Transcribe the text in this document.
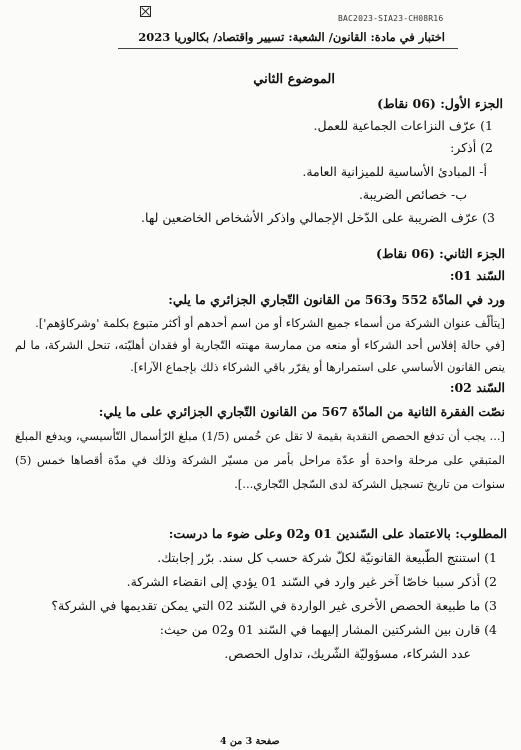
BAC2023-SIA23-CH08R16
اختبار في مادة: القانون/ الشعبة: تسيير واقتصاد/ بكالوريا 2023
الموضوع الثاني
الجزء الأول: (06 نقاط)
1) عرّف النزاعات الجماعية للعمل.
2) أذكر:
أ- المبادئ الأساسية للميزانية العامة.
ب- خصائص الضريبة.
3) عرّف الضريبة على الدّخل الإجمالي واذكر الأشخاص الخاضعين لها.
الجزء الثاني: (06 نقاط)
السّند 01:
ورد في المادّة 552 و563 من القانون التّجاري الجزائري ما يلي:
[يتألّف عنوان الشركة من أسماء جميع الشركاء أو من اسم أحدهم أو أكثر متبوع بكلمة 'وشركاؤهم'].
[في حالة إفلاس أحد الشركاء أو منعه من ممارسة مهنته التّجارية أو فقدان أهليّته، تنحل الشركة، ما لم ينص القانون الأساسي على استمرارها أو يقرّر باقي الشركاء ذلك بإجماع الآراء].
السّند 02:
نصّت الفقرة الثانية من المادّة 567 من القانون التّجاري الجزائري على ما يلي:
[... يجب أن تدفع الحصص النقدية بقيمة لا تقل عن خُمس (1/5) مبلغ الرّأسمال التّأسيسي، ويدفع المبلغ المتبقي على مرحلة واحدة أو عدّة مراحل بأمر من مسيّر الشركة وذلك في مدّة أقصاها خمس (5) سنوات من تاريخ تسجيل الشركة لدى السّجل التّجاري...].
المطلوب: بالاعتماد على السّندين 01 و02 وعلى ضوء ما درست:
1) استنتج الطّبيعة القانونيّة لكلّ شركة حسب كل سند. برّر إجابتك.
2) أذكر سببا خاصّا آخر غير وارد في السّند 01 يؤدي إلى انقضاء الشركة.
3) ما طبيعة الحصص الأخرى غير الواردة في السّند 02 التي يمكن تقديمها في الشركة؟
4) قارن بين الشركتين المشار إليهما في السّند 01 و02 من حيث:
عدد الشركاء، مسؤوليّة الشّريك، تداول الحصص.
صفحة 3 من 4
